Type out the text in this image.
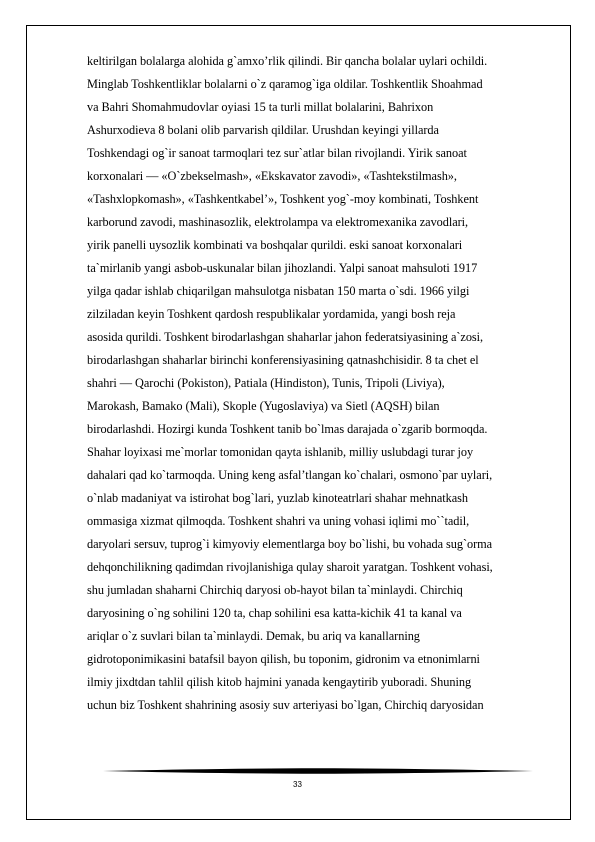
keltirilgan bolalarga alohida g`amxo’rlik qilindi. Bir qancha bolalar uylari ochildi.
Minglab Toshkentliklar bolalarni o`z qaramog`iga oldilar. Toshkentlik Shoahmad
va Bahri Shomahmudovlar oyiasi 15 ta turli millat bolalarini, Bahrixon
Ashurxodieva 8 bolani olib parvarish qildilar. Urushdan keyingi yillarda
Toshkendagi og`ir sanoat tarmoqlari tez sur`atlar bilan rivojlandi. Yirik sanoat
korxonalari — «O`zbekselmash», «Ekskavator zavodi», «Tashtekstilmash»,
«Tashxlopkomash», «Tashkentkabel’», Toshkent yog`-moy kombinati, Toshkent
karborund zavodi, mashinasozlik, elektrolampa va elektromexanika zavodlari,
yirik panelli uysozlik kombinati va boshqalar qurildi. eski sanoat korxonalari
ta`mirlanib yangi asbob-uskunalar bilan jihozlandi. Yalpi sanoat mahsuloti 1917
yilga qadar ishlab chiqarilgan mahsulotga nisbatan 150 marta o`sdi. 1966 yilgi
zilziladan keyin Toshkent qardosh respublikalar yordamida, yangi bosh reja
asosida qurildi. Toshkent birodarlashgan shaharlar jahon federatsiyasining a`zosi,
birodarlashgan shaharlar birinchi konferensiyasining qatnashchisidir. 8 ta chet el
shahri — Qarochi (Pokiston), Patiala (Hindiston), Tunis, Tripoli (Liviya),
Marokash, Bamako (Mali), Skople (Yugoslaviya) va Sietl (AQSH) bilan
birodarlashdi. Hozirgi kunda Toshkent tanib bo`lmas darajada o`zgarib bormoqda.
Shahar loyixasi me`morlar tomonidan qayta ishlanib, milliy uslubdagi turar joy
dahalari qad ko`tarmoqda. Uning keng asfal’tlangan ko`chalari, osmono`par uylari,
o`nlab madaniyat va istirohat bog`lari, yuzlab kinoteatrlari shahar mehnatkash
ommasiga xizmat qilmoqda. Toshkent shahri va uning vohasi iqlimi mo``tadil,
daryolari sersuv, tuprog`i kimyoviy elementlarga boy bo`lishi, bu vohada sug`orma
dehqonchilikning qadimdan rivojlanishiga qulay sharoit yaratgan. Toshkent vohasi,
shu jumladan shaharni Chirchiq daryosi ob-hayot bilan ta`minlaydi. Chirchiq
daryosining o`ng sohilini 120 ta, chap sohilini esa katta-kichik 41 ta kanal va
ariqlar o`z suvlari bilan ta`minlaydi. Demak, bu ariq va kanallarning
gidrotoponimikasini batafsil bayon qilish, bu toponim, gidronim va etnonimlarni
ilmiy jixdtdan tahlil qilish kitob hajmini yanada kengaytirib yuboradi. Shuning
uchun biz Toshkent shahrining asosiy suv arteriyasi bo`lgan, Chirchiq daryosidan
33
